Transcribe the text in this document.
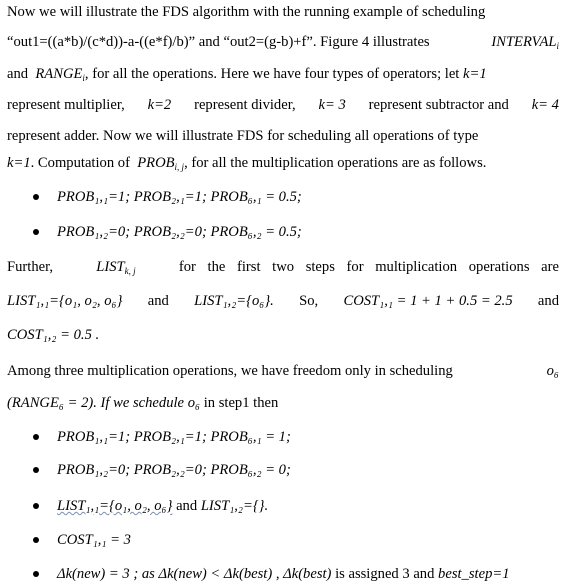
Now we will illustrate the FDS algorithm with the running example of scheduling
“out1=((a*b)/(c*d))-a-((e*f)/b)” and “out2=(g-b)+f”. Figure 4 illustrates	$INTERVAL_i$
and $RANGE_i$, for all the operations. Here we have four types of operators; let k=1
represent multiplier, k=2 represent divider, k= 3 represent subtractor and k= 4
represent adder. Now we will illustrate FDS for scheduling all operations of type
k=1. Computation of $PROB_{i, j}$, for all the multiplication operations are as follows.
PROB₁,₁=1; PROB₂,₁=1; PROB₆,₁ = 0.5;
PROB₁,₂=0; PROB₂,₂=0; PROB₆,₂ = 0.5;
Further,	$LIST_{k, j}$	for the first two steps for multiplication operations are
LIST₁,₁={o₁, o₂, o₆} and LIST₁,₂={o₆}. So, COST₁,₁ = 1 + 1 + 0.5 = 2.5 and
COST₁,₂ = 0.5 .
Among three multiplication operations, we have freedom only in scheduling	o₆
(RANGE₆ = 2). If we schedule o₆ in step1 then
PROB₁,₁=1; PROB₂,₁=1; PROB₆,₁ = 1;
PROB₁,₂=0; PROB₂,₂=0; PROB₆,₂ = 0;
LIST₁,₁={o₁, o₂, o₆} and LIST₁,₂={}.
COST₁,₁ = 3
Δk(new) = 3 ; as Δk(new) < Δk(best) , Δk(best) is assigned 3 and best_step=1
